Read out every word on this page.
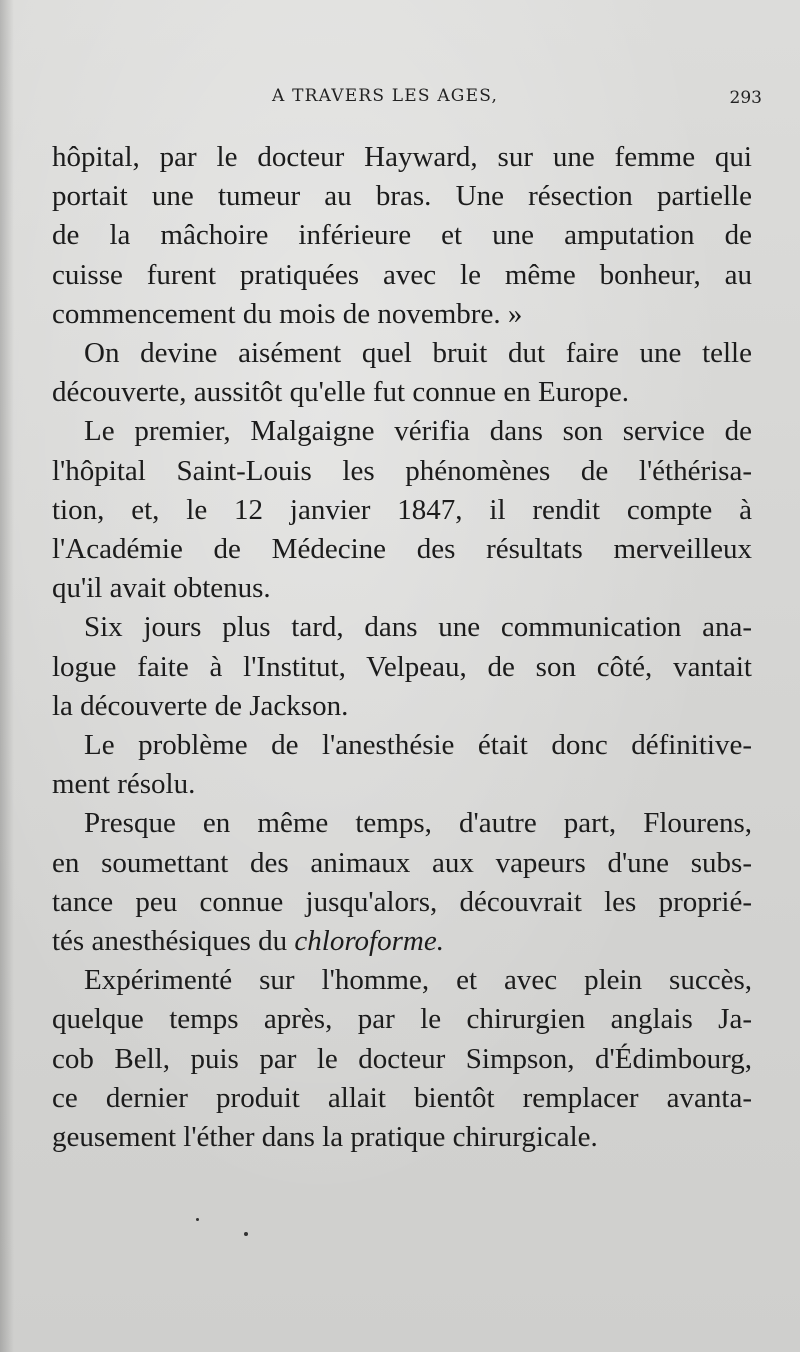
A TRAVERS LES AGES,	293

hôpital, par le docteur Hayward, sur une femme qui
portait une tumeur au bras. Une résection partielle
de la mâchoire inférieure et une amputation de
cuisse furent pratiquées avec le même bonheur, au
commencement du mois de novembre. »

On devine aisément quel bruit dut faire une telle
découverte, aussitôt qu'elle fut connue en Europe.

Le premier, Malgaigne vérifia dans son service de
l'hôpital Saint-Louis les phénomènes de l'éthérisa-
tion, et, le 12 janvier 1847, il rendit compte à
l'Académie de Médecine des résultats merveilleux
qu'il avait obtenus.

Six jours plus tard, dans une communication ana-
logue faite à l'Institut, Velpeau, de son côté, vantait
la découverte de Jackson.

Le problème de l'anesthésie était donc définitive-
ment résolu.

Presque en même temps, d'autre part, Flourens,
en soumettant des animaux aux vapeurs d'une subs-
tance peu connue jusqu'alors, découvrait les proprié-
tés anesthésiques du chloroforme.

Expérimenté sur l'homme, et avec plein succès,
quelque temps après, par le chirurgien anglais Ja-
cob Bell, puis par le docteur Simpson, d'Édimbourg,
ce dernier produit allait bientôt remplacer avanta-
geusement l'éther dans la pratique chirurgicale.
